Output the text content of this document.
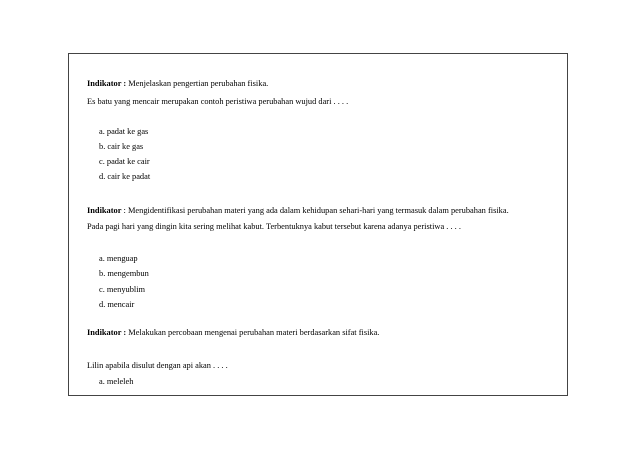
Indikator : Menjelaskan pengertian perubahan fisika.
Es batu yang mencair merupakan contoh peristiwa perubahan wujud dari . . . .
a. padat ke gas
b. cair ke gas
c. padat ke cair
d. cair ke padat
Indikator : Mengidentifikasi perubahan materi yang ada dalam kehidupan sehari-hari yang termasuk dalam perubahan fisika.
Pada pagi hari yang dingin kita sering melihat kabut. Terbentuknya kabut tersebut karena adanya peristiwa . . . .
a. menguap
b. mengembun
c. menyublim
d. mencair
Indikator : Melakukan percobaan mengenai perubahan materi berdasarkan sifat fisika.
Lilin apabila disulut dengan api akan . . . .
a. meleleh
